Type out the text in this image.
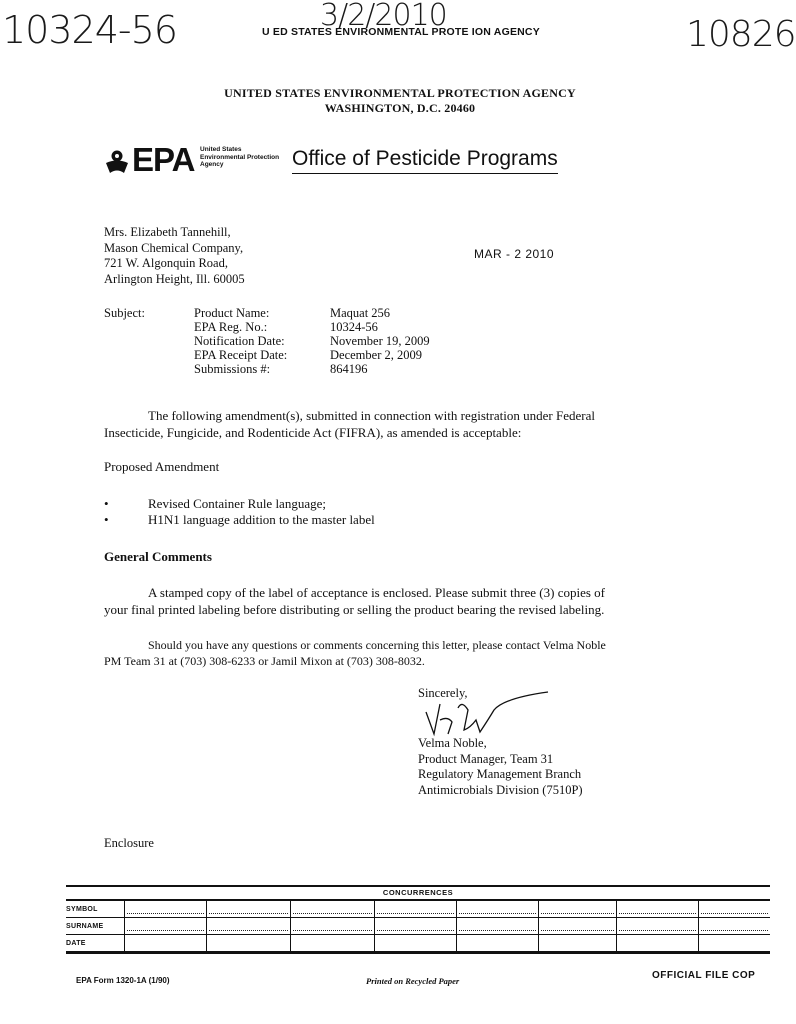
10324-56	3/2/2010	10826
U ED STATES ENVIRONMENTAL PROTE ION AGENCY
UNITED STATES ENVIRONMENTAL PROTECTION AGENCY
WASHINGTON, D.C. 20460
EPA United States
Environmental Protection
Agency	Office of Pesticide Programs
Mrs. Elizabeth Tannehill,
Mason Chemical Company,
721 W. Algonquin Road,
Arlington Height, Ill. 60005
MAR - 2 2010
Subject:	Product Name:	Maquat 256
EPA Reg. No.:	10324-56
Notification Date:	November 19, 2009
EPA Receipt Date:	December 2, 2009
Submissions #:	864196
The following amendment(s), submitted in connection with registration under Federal
Insecticide, Fungicide, and Rodenticide Act (FIFRA), as amended is acceptable:
Proposed Amendment
•	Revised Container Rule language;
•	H1N1 language addition to the master label
General Comments
A stamped copy of the label of acceptance is enclosed. Please submit three (3) copies of
your final printed labeling before distributing or selling the product bearing the revised labeling.
Should you have any questions or comments concerning this letter, please contact Velma Noble
PM Team 31 at (703) 308-6233 or Jamil Mixon at (703) 308-8032.
Sincerely,
Velma Noble,
Product Manager, Team 31
Regulatory Management Branch
Antimicrobials Division (7510P)
Enclosure
CONCURRENCES
SYMBOL	

SURNAME	

DATE								
EPA Form 1320-1A (1/90)	Printed on Recycled Paper	OFFICIAL FILE COP
